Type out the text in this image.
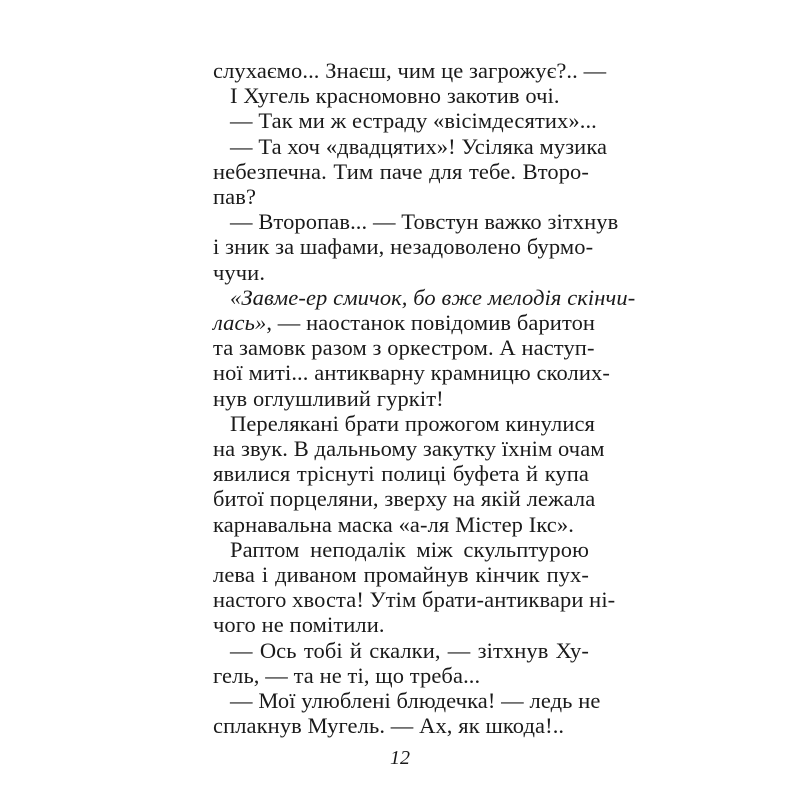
слухаємо... Знаєш, чим це загрожує?.. —
І Хугель красномовно закотив очі.
— Так ми ж естраду «вісімдесятих»...
— Та хоч «двадцятих»! Усіляка музика
небезпечна. Тим паче для тебе. Второ-
пав?
— Второпав... — Товстун важко зітхнув
і зник за шафами, незадоволено бурмо-
чучи.
«Завме-ер смичок, бо вже мелодія скінчи-
лась», — наостанок повідомив баритон
та замовк разом з оркестром. А наступ-
ної миті... антикварну крамницю сколих-
нув оглушливий гуркіт!
Перелякані брати прожогом кинулися
на звук. В дальньому закутку їхнім очам
явилися тріснуті полиці буфета й купа
битої порцеляни, зверху на якій лежала
карнавальна маска «а-ля Містер Ікс».
Раптом неподалік між скульптурою
лева і диваном промайнув кінчик пух-
настого хвоста! Утім брати-антиквари ні-
чого не помітили.
— Ось тобі й скалки, — зітхнув Ху-
гель, — та не ті, що треба...
— Мої улюблені блюдечка! — ледь не
сплакнув Мугель. — Ах, як шкода!..
12
